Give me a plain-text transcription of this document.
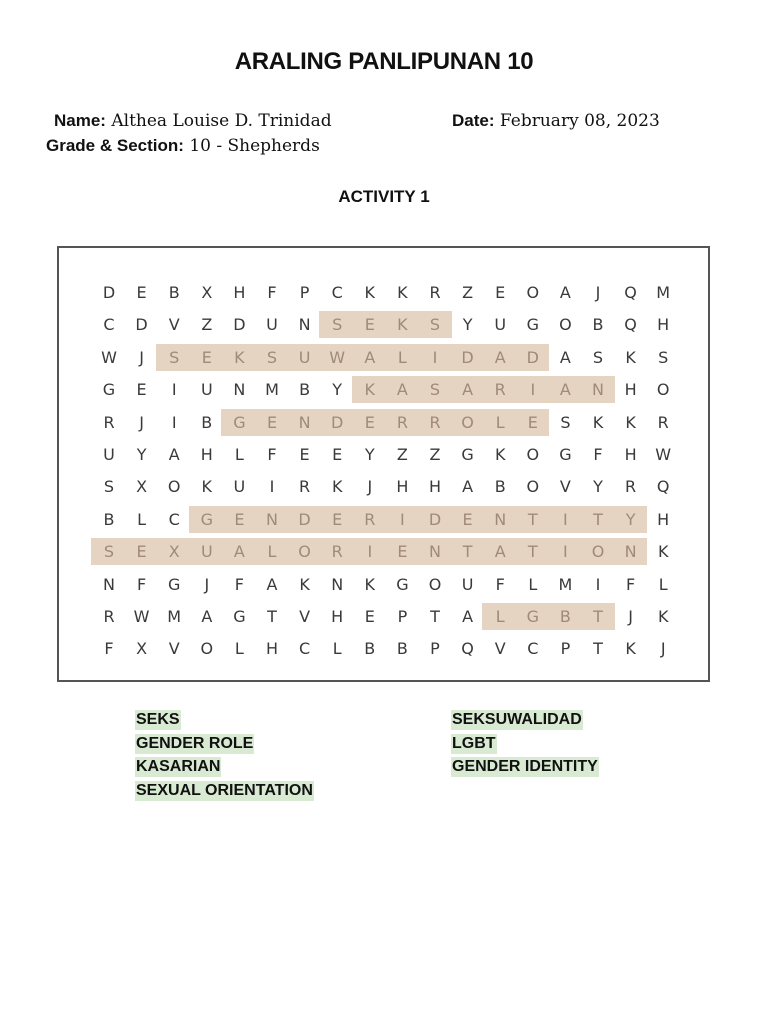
ARALING PANLIPUNAN 10
Name: Althea Louise D. Trinidad	Date: February 08, 2023
Grade & Section: 10 - Shepherds
ACTIVITY 1
D	E	B	X	H	F	P	C	K	K	R	Z	E	O	A	J	Q	M
C	D	V	Z	D	U	N	S	E	K	S	Y	U	G	O	B	Q	H
W	J	S	E	K	S	U	W	A	L	I	D	A	D	A	S	K	S
G	E	I	U	N	M	B	Y	K	A	S	A	R	I	A	N	H	O
R	J	I	B	G	E	N	D	E	R	R	O	L	E	S	K	K	R
U	Y	A	H	L	F	E	E	Y	Z	Z	G	K	O	G	F	H	W
S	X	O	K	U	I	R	K	J	H	H	A	B	O	V	Y	R	Q
B	L	C	G	E	N	D	E	R	I	D	E	N	T	I	T	Y	H
S	E	X	U	A	L	O	R	I	E	N	T	A	T	I	O	N	K
N	F	G	J	F	A	K	N	K	G	O	U	F	L	M	I	F	L
R	W	M	A	G	T	V	H	E	P	T	A	L	G	B	T	J	K
F	X	V	O	L	H	C	L	B	B	P	Q	V	C	P	T	K	J
SEKS
GENDER ROLE
KASARIAN
SEXUAL ORIENTATION
SEKSUWALIDAD
LGBT
GENDER IDENTITY
